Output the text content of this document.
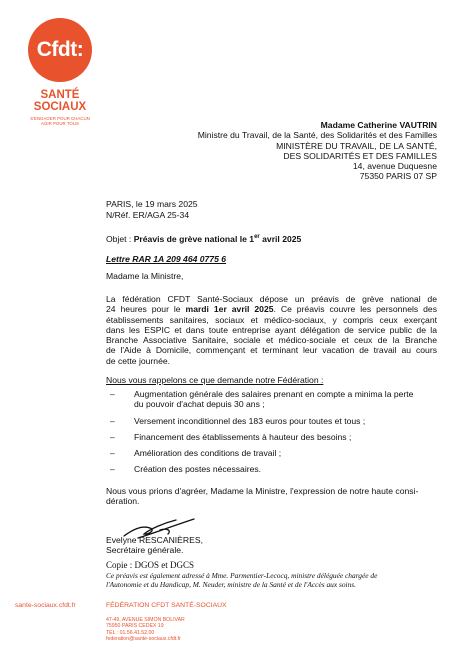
Cfdt:
SANTÉ
SOCIAUX
S'ENGAGER POUR CHACUN
AGIR POUR TOUS	Madame Catherine VAUTRIN
Ministre du Travail, de la Santé, des Solidarités et des Familles
MINISTÈRE DU TRAVAIL, DE LA SANTÉ,
DES SOLIDARITÉS ET DES FAMILLES
14, avenue Duquesne
75350 PARIS 07 SP
PARIS, le 19 mars 2025
N/Réf. ER/AGA 25-34
Objet : Préavis de grève national le 1er avril 2025
Lettre RAR 1A 209 464 0775 6
Madame la Ministre,
La fédération CFDT Santé-Sociaux dépose un préavis de grève national de
24 heures pour le mardi 1er avril 2025. Ce préavis couvre les personnels des
établissements sanitaires, sociaux et médico-sociaux, y compris ceux exerçant
dans les ESPIC et dans toute entreprise ayant délégation de service public de la
Branche Associative Sanitaire, sociale et médico-sociale et ceux de la Branche
de l'Aide à Domicile, commençant et terminant leur vacation de travail au cours
de cette journée.
Nous vous rappelons ce que demande notre Fédération :
– Augmentation générale des salaires prenant en compte a minima la perte
du pouvoir d'achat depuis 30 ans ;
– Versement inconditionnel des 183 euros pour toutes et tous ;
– Financement des établissements à hauteur des besoins ;
– Amélioration des conditions de travail ;
– Création des postes nécessaires.
Nous vous prions d'agréer, Madame la Ministre, l'expression de notre haute consi-
dération.
Evelyne RESCANIÈRES,
Secrétaire générale.
Copie : DGOS et DGCS
Ce préavis est également adressé à Mme. Parmentier-Lecocq, ministre déléguée chargée de
l'Autonomie et du Handicap, M. Neuder, ministre de la Santé et de l'Accès aux soins.
sante-sociaux.cfdt.fr	FÉDÉRATION CFDT SANTÉ-SOCIAUX
47-49, AVENUE SIMON BOLIVAR
75950 PARIS CEDEX 19
TEL : 01.56.41.52.00
federation@sante-sociaux.cfdt.fr
